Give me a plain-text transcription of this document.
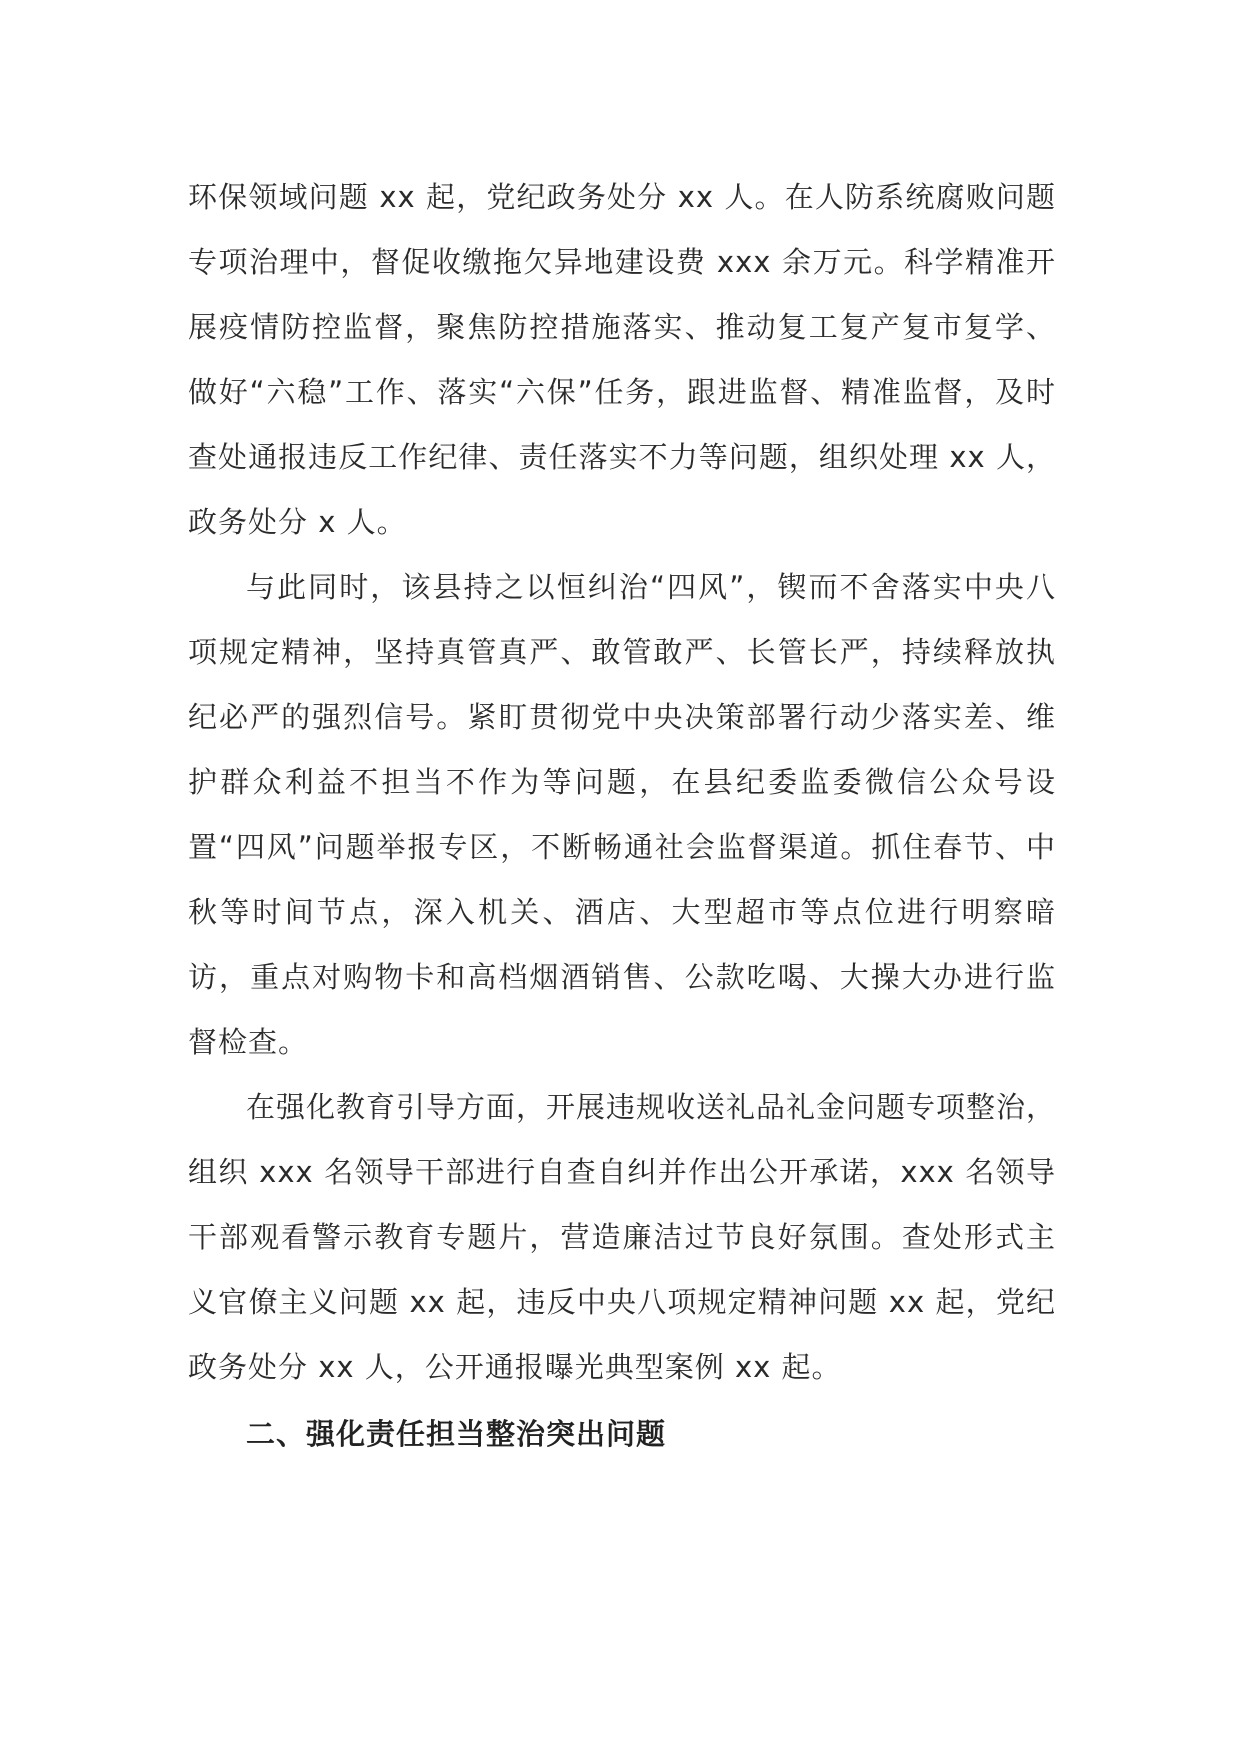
环保领域问题 xx 起，党纪政务处分 xx 人。在人防系统腐败问题专项治理中，督促收缴拖欠异地建设费 xxx 余万元。科学精准开展疫情防控监督，聚焦防控措施落实、推动复工复产复市复学、做好“六稳”工作、落实“六保”任务，跟进监督、精准监督，及时查处通报违反工作纪律、责任落实不力等问题，组织处理 xx 人，政务处分 x 人。

与此同时，该县持之以恒纠治“四风”，锲而不舍落实中央八项规定精神，坚持真管真严、敢管敢严、长管长严，持续释放执纪必严的强烈信号。紧盯贯彻党中央决策部署行动少落实差、维护群众利益不担当不作为等问题，在县纪委监委微信公众号设置“四风”问题举报专区，不断畅通社会监督渠道。抓住春节、中秋等时间节点，深入机关、酒店、大型超市等点位进行明察暗访，重点对购物卡和高档烟酒销售、公款吃喝、大操大办进行监督检查。

在强化教育引导方面，开展违规收送礼品礼金问题专项整治，组织 xxx 名领导干部进行自查自纠并作出公开承诺，xxx 名领导干部观看警示教育专题片，营造廉洁过节良好氛围。查处形式主义官僚主义问题 xx 起，违反中央八项规定精神问题 xx 起，党纪政务处分 xx 人，公开通报曝光典型案例 xx 起。

二、强化责任担当整治突出问题
